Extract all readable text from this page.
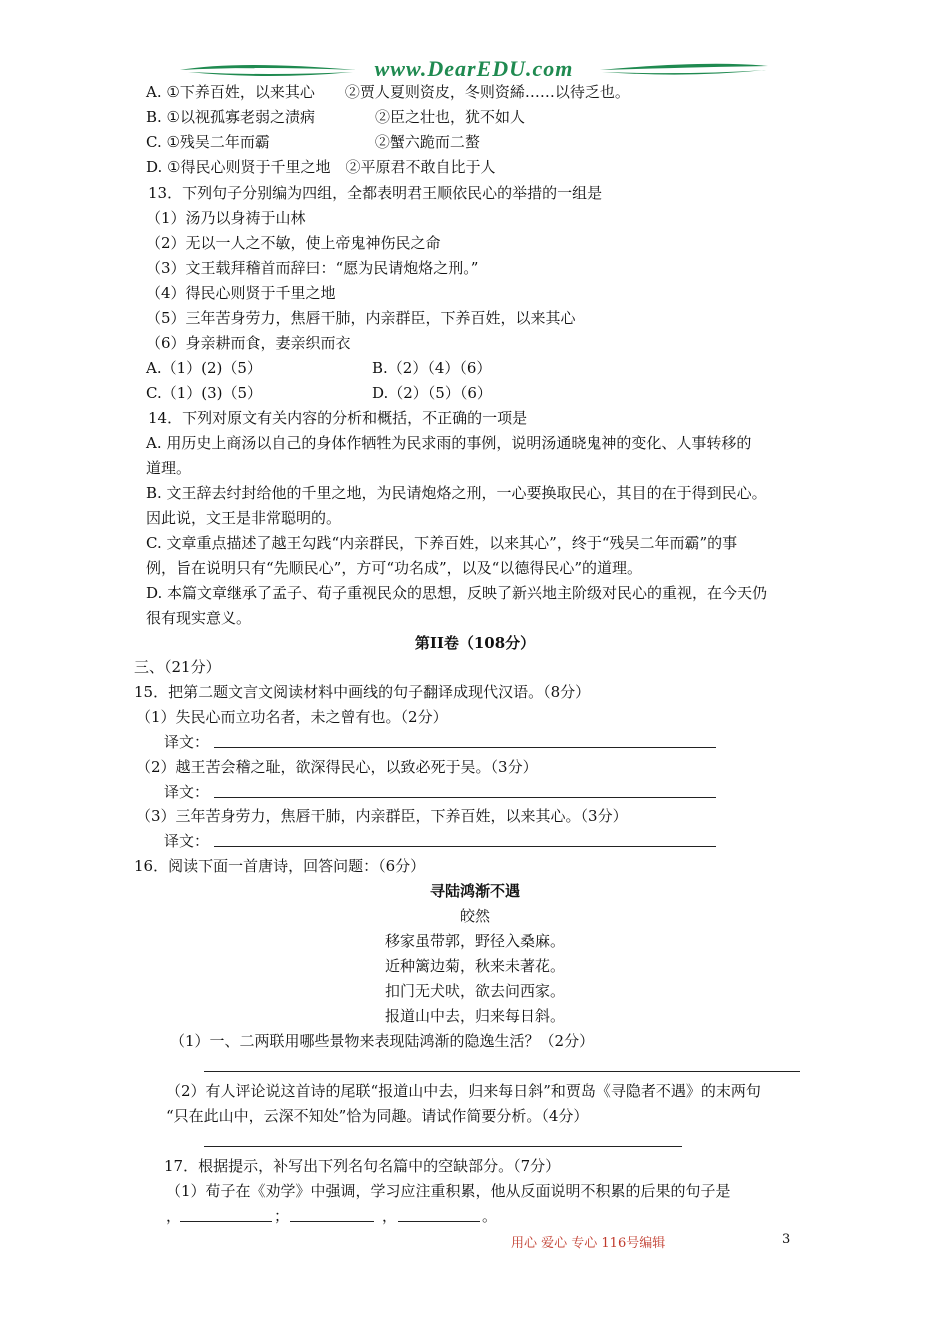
www.DearEDU.com
A. ①下养百姓，以来其心　　②贾人夏则资皮，冬则资絺……以待乏也。
B. ①以视孤寡老弱之渍病　　　　②臣之壮也，犹不如人
C. ①残吴二年而霸　　　　　　　②蟹六跪而二螯
D. ①得民心则贤于千里之地　②平原君不敢自比于人
13．下列句子分别编为四组，全都表明君王顺依民心的举措的一组是
（1）汤乃以身祷于山林
（2）无以一人之不敏，使上帝鬼神伤民之命
（3）文王载拜稽首而辞曰：“愿为民请炮烙之刑。”
（4）得民心则贤于千里之地
（5）三年苦身劳力，焦唇干肺，内亲群臣，下养百姓，以来其心
（6）身亲耕而食，妻亲织而衣
A.（1）(2)（5）	B.（2）（4）（6）
C.（1）(3)（5）	D.（2）（5）（6）
14．下列对原文有关内容的分析和概括，不正确的一项是
A. 用历史上商汤以自己的身体作牺牲为民求雨的事例，说明汤通晓鬼神的变化、人事转移的
道理。
B. 文王辞去纣封给他的千里之地，为民请炮烙之刑，一心要换取民心，其目的在于得到民心。
因此说，文王是非常聪明的。
C. 文章重点描述了越王勾践“内亲群民，下养百姓，以来其心”，终于“残吴二年而霸”的事
例，旨在说明只有“先顺民心”，方可“功名成”，以及“以德得民心”的道理。
D. 本篇文章继承了孟子、荀子重视民众的思想，反映了新兴地主阶级对民心的重视，在今天仍
很有现实意义。
第II卷（108分）
三、（21分）
15．把第二题文言文阅读材料中画线的句子翻译成现代汉语。（8分）
（1）失民心而立功名者，未之曾有也。（2分）
译文：
（2）越王苦会稽之耻，欲深得民心，以致必死于吴。（3分）
译文：
（3）三年苦身劳力，焦唇干肺，内亲群臣，下养百姓，以来其心。（3分）
译文：
16．阅读下面一首唐诗，回答问题：（6分）
寻陆鸿渐不遇
皎然
移家虽带郭，野径入桑麻。
近种篱边菊，秋来未著花。
扣门无犬吠，欲去问西家。
报道山中去，归来每日斜。
（1）一、二两联用哪些景物来表现陆鸿渐的隐逸生活？（2分）
（2）有人评论说这首诗的尾联“报道山中去，归来每日斜”和贾岛《寻隐者不遇》的末两句
“只在此山中，云深不知处”恰为同趣。请试作简要分析。（4分）
17．根据提示，补写出下列名句名篇中的空缺部分。（7分）
（1）荀子在《劝学》中强调，学习应注重积累，他从反面说明不积累的后果的句子是
，	；	，	。
用心 爱心 专心 116号编辑	3
